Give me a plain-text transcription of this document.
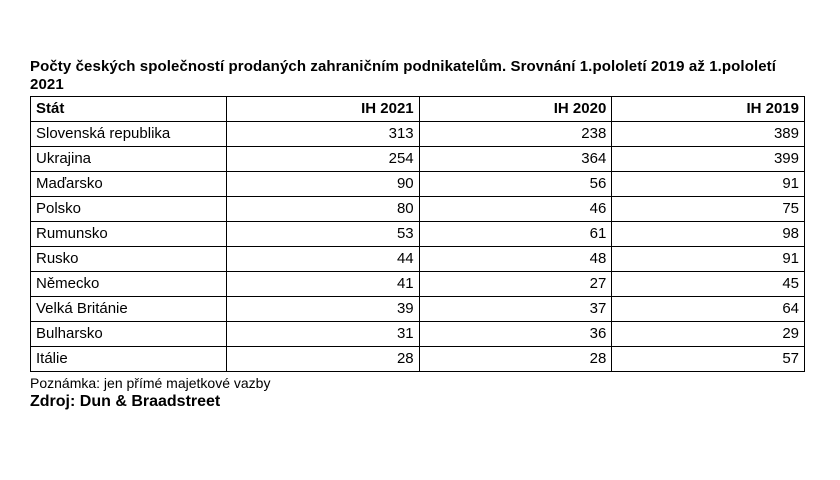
Počty českých společností prodaných zahraničním podnikatelům. Srovnání 1.pololetí 2019 až 1.pololetí 2021
Stát	IH 2021	IH 2020	IH 2019
Slovenská republika	313	238	389
Ukrajina	254	364	399
Maďarsko	90	56	91
Polsko	80	46	75
Rumunsko	53	61	98
Rusko	44	48	91
Německo	41	27	45
Velká Británie	39	37	64
Bulharsko	31	36	29
Itálie	28	28	57
Poznámka: jen přímé majetkové vazby
Zdroj: Dun & Braadstreet
